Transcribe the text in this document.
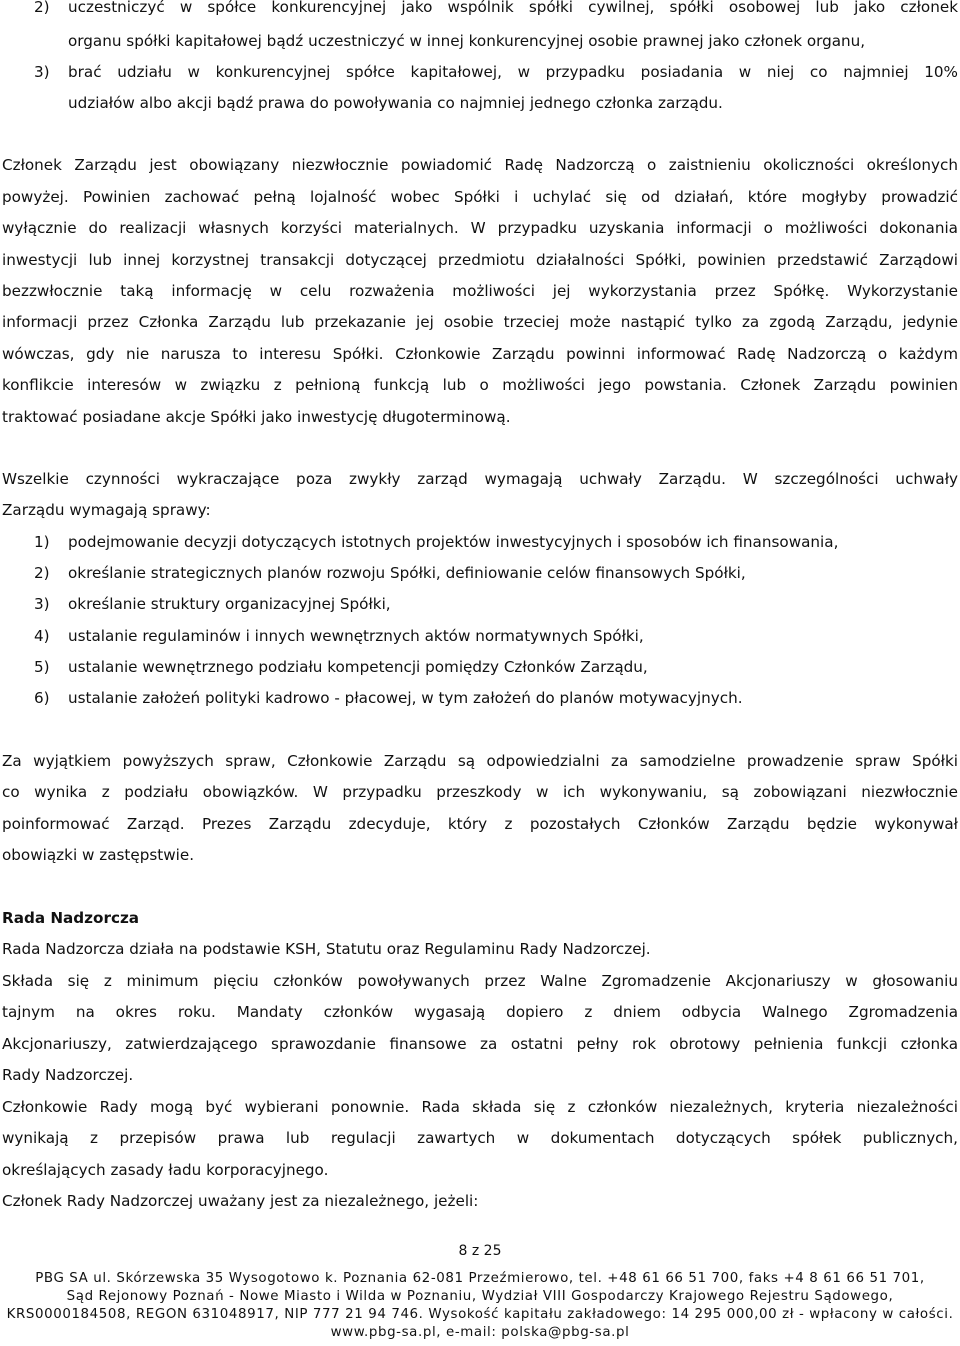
2) uczestniczyć w spółce konkurencyjnej jako wspólnik spółki cywilnej, spółki osobowej lub jako członek
organu spółki kapitałowej bądź uczestniczyć w innej konkurencyjnej osobie prawnej jako członek organu,
3) brać udziału w konkurencyjnej spółce kapitałowej, w przypadku posiadania w niej co najmniej 10%
udziałów albo akcji bądź prawa do powoływania co najmniej jednego członka zarządu.
Członek Zarządu jest obowiązany niezwłocznie powiadomić Radę Nadzorczą o zaistnieniu okoliczności określonych
powyżej. Powinien zachować pełną lojalność wobec Spółki i uchylać się od działań, które mogłyby prowadzić
wyłącznie do realizacji własnych korzyści materialnych. W przypadku uzyskania informacji o możliwości dokonania
inwestycji lub innej korzystnej transakcji dotyczącej przedmiotu działalności Spółki, powinien przedstawić Zarządowi
bezzwłocznie taką informację w celu rozważenia możliwości jej wykorzystania przez Spółkę. Wykorzystanie
informacji przez Członka Zarządu lub przekazanie jej osobie trzeciej może nastąpić tylko za zgodą Zarządu, jedynie
wówczas, gdy nie narusza to interesu Spółki. Członkowie Zarządu powinni informować Radę Nadzorczą o każdym
konflikcie interesów w związku z pełnioną funkcją lub o możliwości jego powstania. Członek Zarządu powinien
traktować posiadane akcje Spółki jako inwestycję długoterminową.
Wszelkie czynności wykraczające poza zwykły zarząd wymagają uchwały Zarządu. W szczególności uchwały
Zarządu wymagają sprawy:
1) podejmowanie decyzji dotyczących istotnych projektów inwestycyjnych i sposobów ich finansowania,
2) określanie strategicznych planów rozwoju Spółki, definiowanie celów finansowych Spółki,
3) określanie struktury organizacyjnej Spółki,
4) ustalanie regulaminów i innych wewnętrznych aktów normatywnych Spółki,
5) ustalanie wewnętrznego podziału kompetencji pomiędzy Członków Zarządu,
6) ustalanie założeń polityki kadrowo - płacowej, w tym założeń do planów motywacyjnych.
Za wyjątkiem powyższych spraw, Członkowie Zarządu są odpowiedzialni za samodzielne prowadzenie spraw Spółki
co wynika z podziału obowiązków. W przypadku przeszkody w ich wykonywaniu, są zobowiązani niezwłocznie
poinformować Zarząd. Prezes Zarządu zdecyduje, który z pozostałych Członków Zarządu będzie wykonywał
obowiązki w zastępstwie.
Rada Nadzorcza
Rada Nadzorcza działa na podstawie KSH, Statutu oraz Regulaminu Rady Nadzorczej.
Składa się z minimum pięciu członków powoływanych przez Walne Zgromadzenie Akcjonariuszy w głosowaniu
tajnym na okres roku. Mandaty członków wygasają dopiero z dniem odbycia Walnego Zgromadzenia
Akcjonariuszy, zatwierdzającego sprawozdanie finansowe za ostatni pełny rok obrotowy pełnienia funkcji członka
Rady Nadzorczej.
Członkowie Rady mogą być wybierani ponownie. Rada składa się z członków niezależnych, kryteria niezależności
wynikają z przepisów prawa lub regulacji zawartych w dokumentach dotyczących spółek publicznych,
określających zasady ładu korporacyjnego.
Członek Rady Nadzorczej uważany jest za niezależnego, jeżeli:
8 z 25
PBG SA ul. Skórzewska 35 Wysogotowo k. Poznania 62-081 Przeźmierowo, tel. +48 61 66 51 700, faks +4 8 61 66 51 701,
Sąd Rejonowy Poznań - Nowe Miasto i Wilda w Poznaniu, Wydział VIII Gospodarczy Krajowego Rejestru Sądowego,
KRS0000184508, REGON 631048917, NIP 777 21 94 746. Wysokość kapitału zakładowego: 14 295 000,00 zł - wpłacony w całości.
www.pbg-sa.pl, e-mail: polska@pbg-sa.pl
